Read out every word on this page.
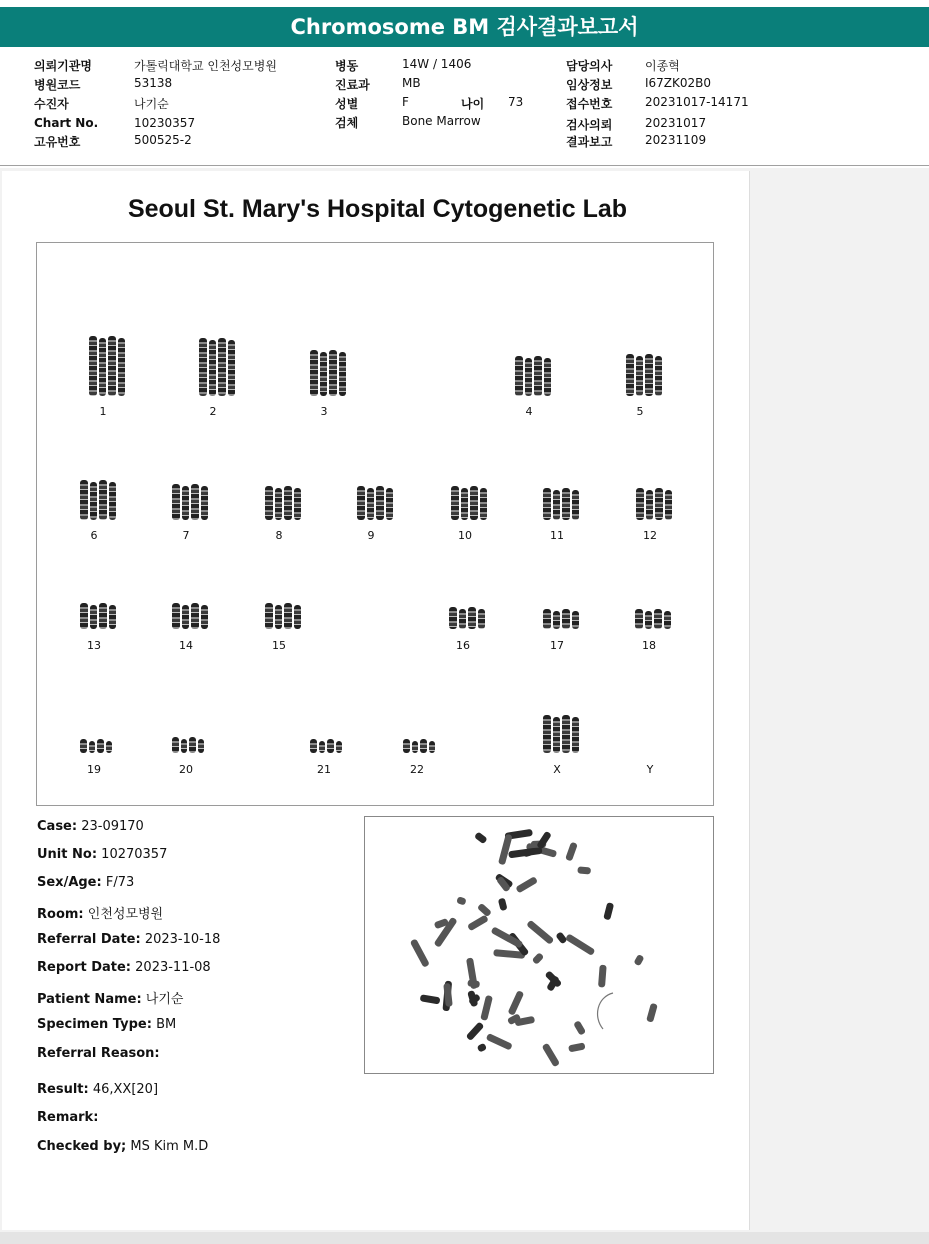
Chromosome BM 검사결과보고서
의뢰기관명	가톨릭대학교 인천성모병원
병원코드	53138
수진자	나기순
Chart No.	10230357
고유번호	500525-2
병동	14W / 1406
진료과	MB
성별	F	나이 73
검체	Bone Marrow
담당의사	이종혁
임상정보	I67ZK02B0
접수번호	20231017-14171
검사의뢰	20231017
결과보고	20231109
Seoul St. Mary's Hospital Cytogenetic Lab
1	2	3	4	5
6	7	8	9	10	11	12
13	14	15	16	17	18
19	20	21	22	X	Y
Case: 23-09170
Unit No: 10270357
Sex/Age: F/73
Room: 인천성모병원
Referral Date: 2023-10-18
Report Date: 2023-11-08
Patient Name: 나기순
Specimen Type: BM
Referral Reason:
Result: 46,XX[20]
Remark:
Checked by; MS Kim M.D
